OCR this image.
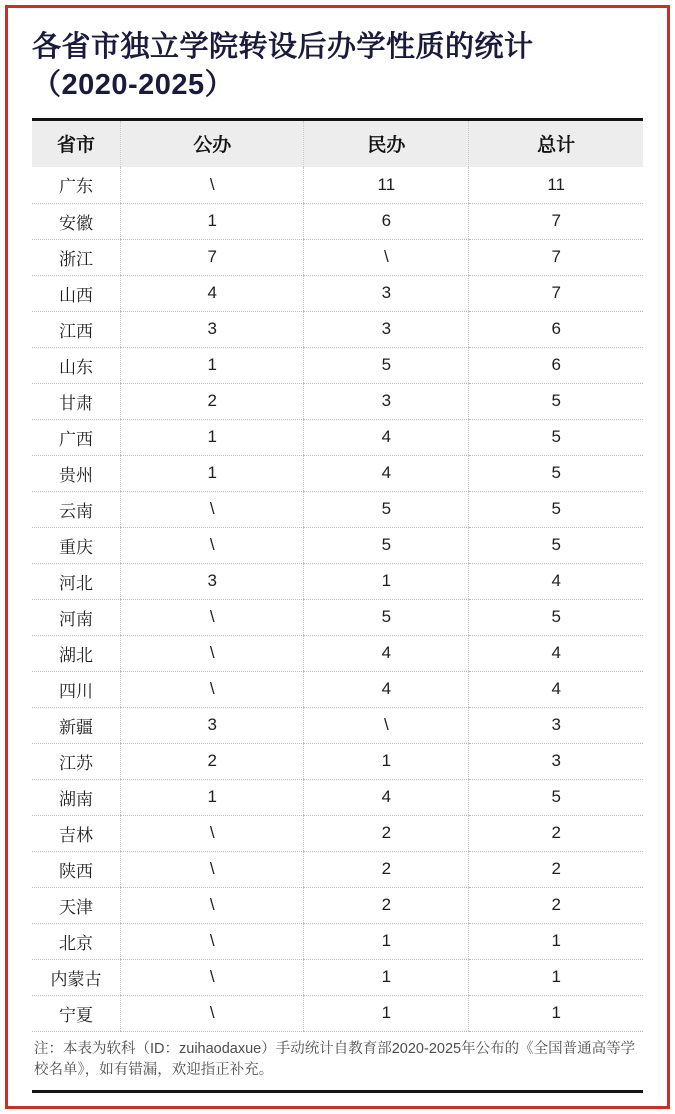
各省市独立学院转设后办学性质的统计
（2020-2025）
省市	公办	民办	总计
广东	\	11	11
安徽	1	6	7
浙江	7	\	7
山西	4	3	7
江西	3	3	6
山东	1	5	6
甘肃	2	3	5
广西	1	4	5
贵州	1	4	5
云南	\	5	5
重庆	\	5	5
河北	3	1	4
河南	\	5	5
湖北	\	4	4
四川	\	4	4
新疆	3	\	3
江苏	2	1	3
湖南	1	4	5
吉林	\	2	2
陕西	\	2	2
天津	\	2	2
北京	\	1	1
内蒙古	\	1	1
宁夏	\	1	1

注：本表为软科（ID：zuihaodaxue）手动统计自教育部2020-2025年公布的《全国普通高等学校名单》，如有错漏，欢迎指正补充。
